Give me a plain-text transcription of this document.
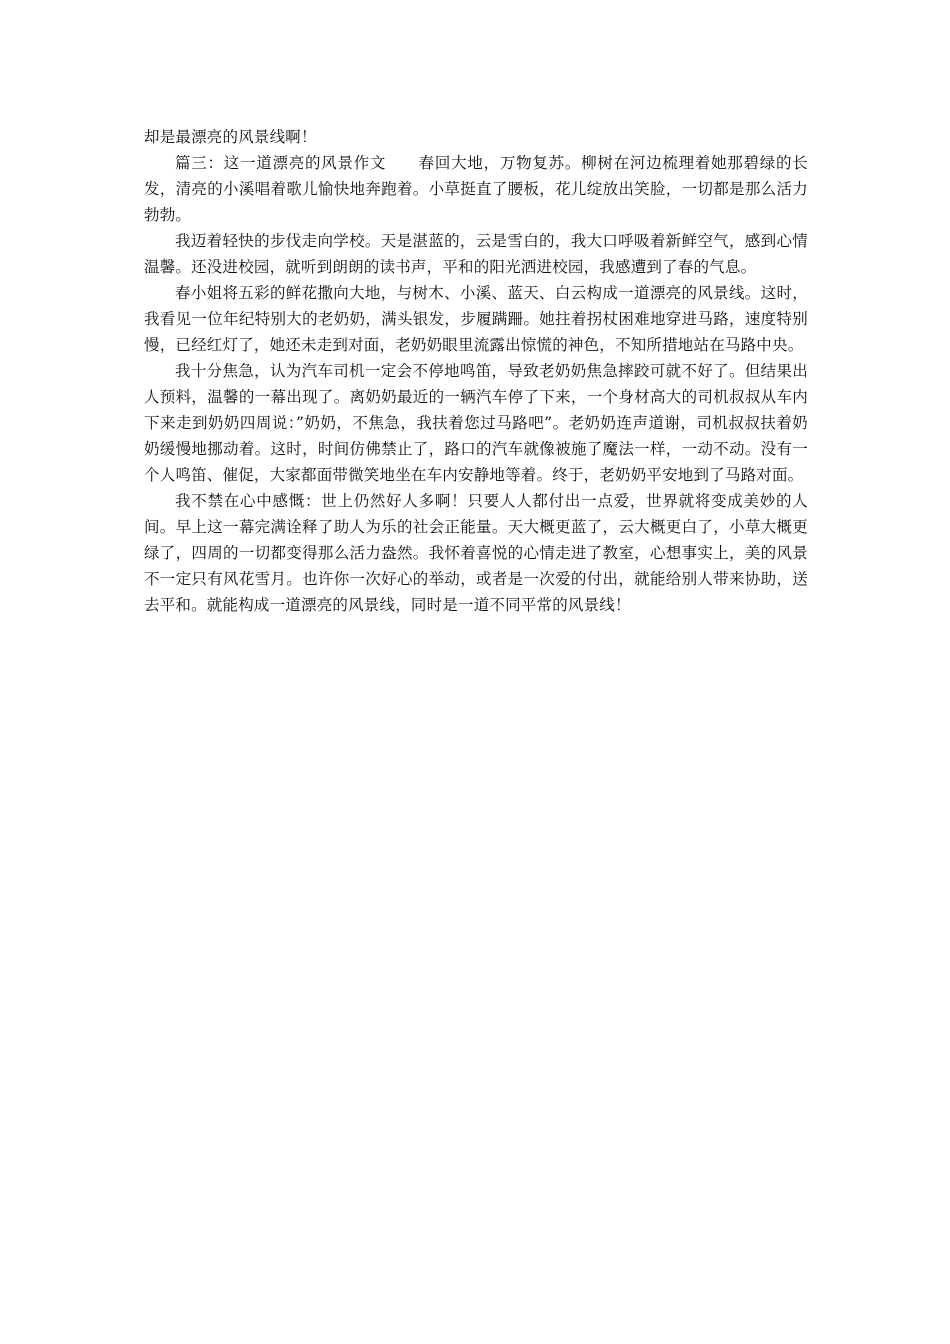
却是最漂亮的风景线啊！

篇三：这一道漂亮的风景作文　　春回大地，万物复苏。柳树在河边梳理着她那碧绿的长发，清亮的小溪唱着歌儿愉快地奔跑着。小草挺直了腰板，花儿绽放出笑脸，一切都是那么活力勃勃。

我迈着轻快的步伐走向学校。天是湛蓝的，云是雪白的，我大口呼吸着新鲜空气，感到心情温馨。还没进校园，就听到朗朗的读书声，平和的阳光洒进校园，我感遭到了春的气息。

春小姐将五彩的鲜花撒向大地，与树木、小溪、蓝天、白云构成一道漂亮的风景线。这时，我看见一位年纪特别大的老奶奶，满头银发，步履蹒跚。她拄着拐杖困难地穿进马路，速度特别慢，已经红灯了，她还未走到对面，老奶奶眼里流露出惊慌的神色，不知所措地站在马路中央。

我十分焦急，认为汽车司机一定会不停地鸣笛，导致老奶奶焦急摔跤可就不好了。但结果出人预料，温馨的一幕出现了。离奶奶最近的一辆汽车停了下来，一个身材高大的司机叔叔从车内下来走到奶奶四周说：”奶奶，不焦急，我扶着您过马路吧”。老奶奶连声道谢，司机叔叔扶着奶奶缓慢地挪动着。这时，时间仿佛禁止了，路口的汽车就像被施了魔法一样，一动不动。没有一个人鸣笛、催促，大家都面带微笑地坐在车内安静地等着。终于，老奶奶平安地到了马路对面。

我不禁在心中感慨：世上仍然好人多啊！只要人人都付出一点爱，世界就将变成美妙的人间。早上这一幕完满诠释了助人为乐的社会正能量。天大概更蓝了，云大概更白了，小草大概更绿了，四周的一切都变得那么活力盎然。我怀着喜悦的心情走进了教室，心想事实上，美的风景不一定只有风花雪月。也许你一次好心的举动，或者是一次爱的付出，就能给别人带来协助，送去平和。就能构成一道漂亮的风景线，同时是一道不同平常的风景线！
